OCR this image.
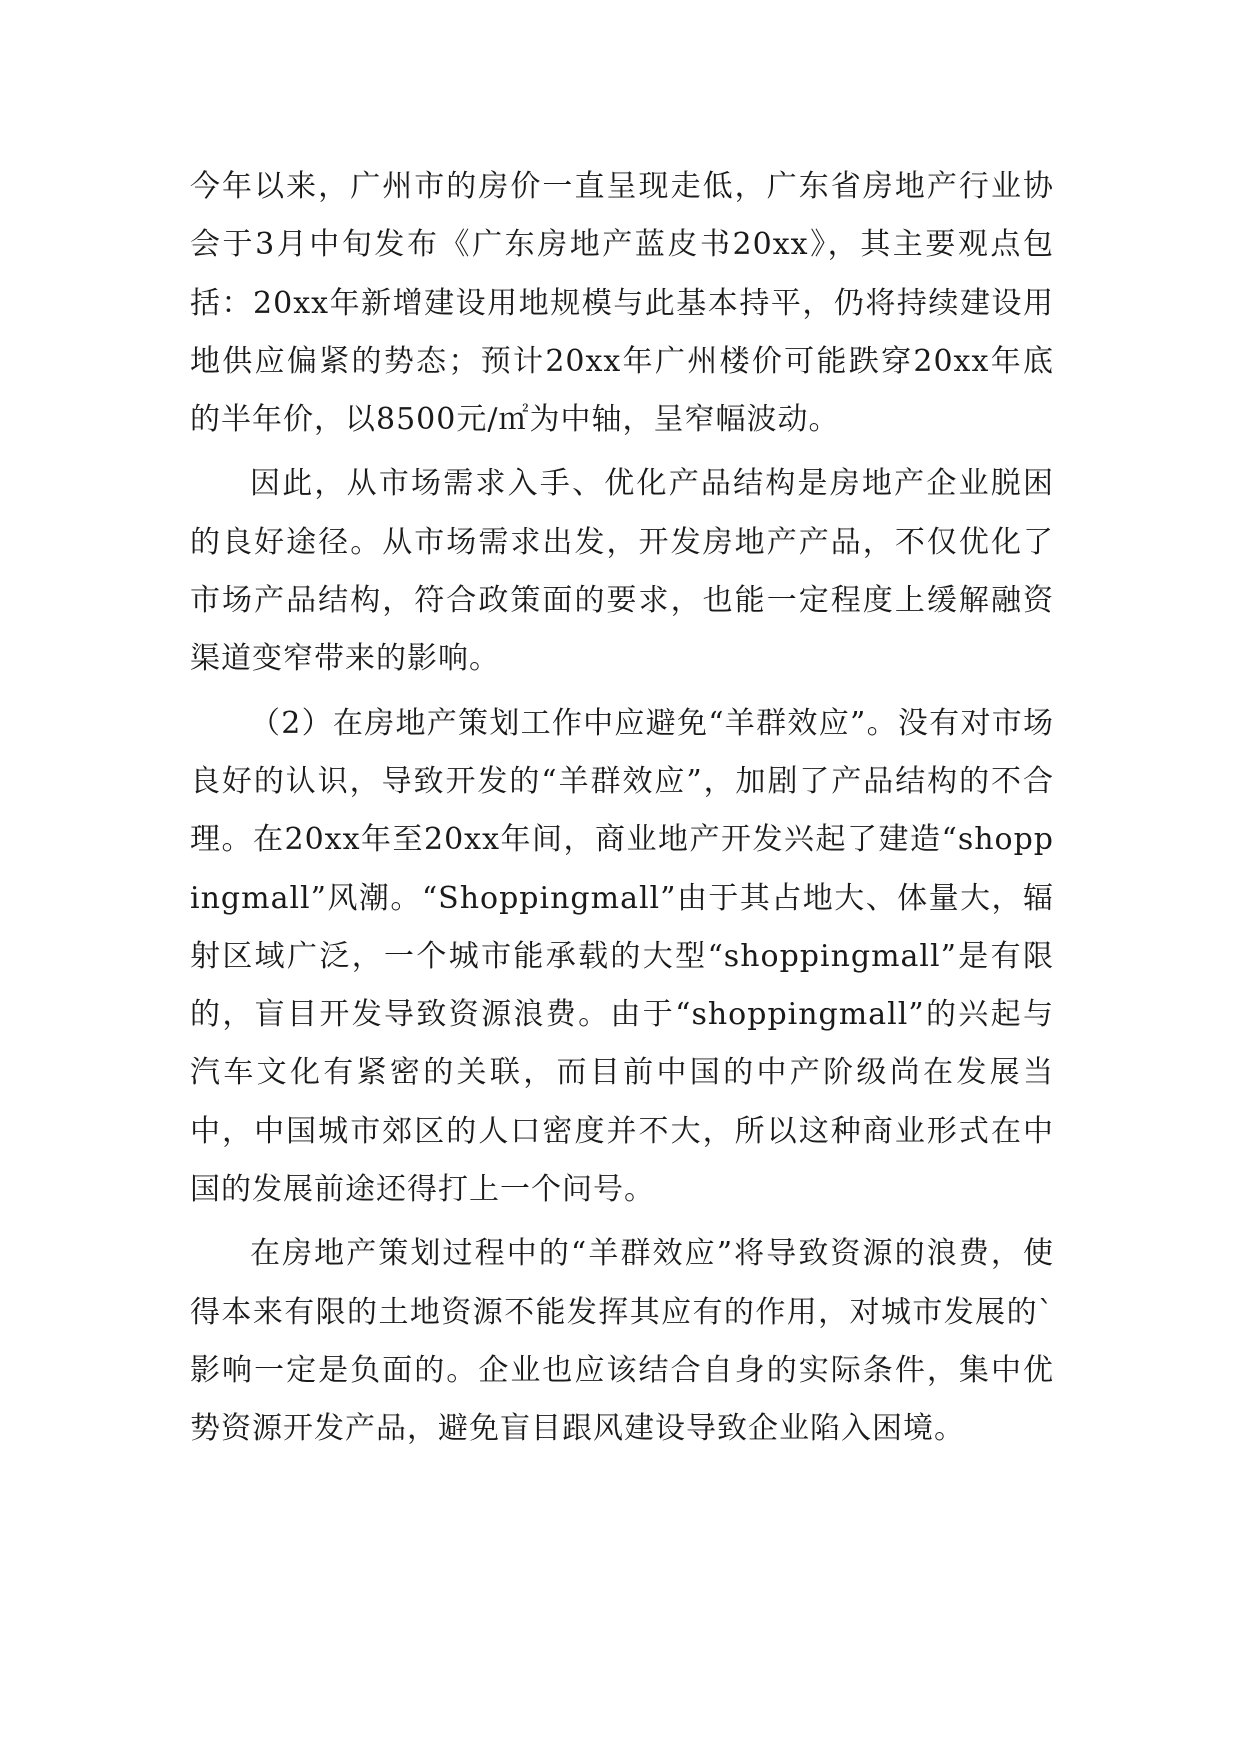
今年以来，广州市的房价一直呈现走低，广东省房地产行业协会于3月中旬发布《广东房地产蓝皮书20xx》，其主要观点包括：20xx年新增建设用地规模与此基本持平，仍将持续建设用地供应偏紧的势态；预计20xx年广州楼价可能跌穿20xx年底的半年价，以8500元/㎡为中轴，呈窄幅波动。

因此，从市场需求入手、优化产品结构是房地产企业脱困的良好途径。从市场需求出发，开发房地产产品，不仅优化了市场产品结构，符合政策面的要求，也能一定程度上缓解融资渠道变窄带来的影响。

（2）在房地产策划工作中应避免“羊群效应”。没有对市场良好的认识，导致开发的“羊群效应”，加剧了产品结构的不合理。在20xx年至20xx年间，商业地产开发兴起了建造“shoppingmall”风潮。“Shoppingmall”由于其占地大、体量大，辐射区域广泛，一个城市能承载的大型“shoppingmall”是有限的，盲目开发导致资源浪费。由于“shoppingmall”的兴起与汽车文化有紧密的关联，而目前中国的中产阶级尚在发展当中，中国城市郊区的人口密度并不大，所以这种商业形式在中国的发展前途还得打上一个问号。

在房地产策划过程中的“羊群效应”将导致资源的浪费，使得本来有限的土地资源不能发挥其应有的作用，对城市发展的`影响一定是负面的。企业也应该结合自身的实际条件，集中优势资源开发产品，避免盲目跟风建设导致企业陷入困境。
